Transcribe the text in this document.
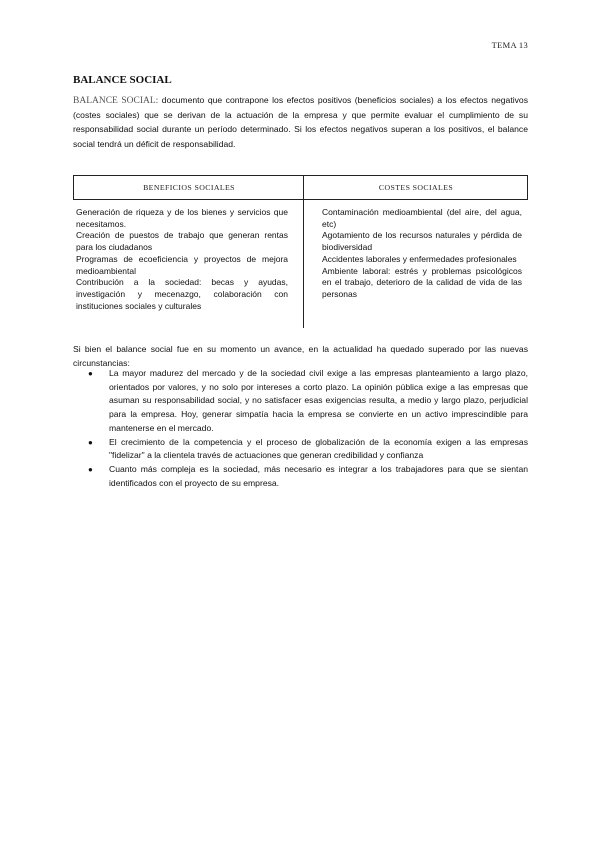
TEMA 13
BALANCE SOCIAL

BALANCE SOCIAL: documento que contrapone los efectos positivos (beneficios sociales) a los efectos negativos (costes sociales) que se derivan de la actuación de la empresa y que permite evaluar el cumplimiento de su responsabilidad social durante un período determinado. Si los efectos negativos superan a los positivos, el balance social tendrá un déficit de responsabilidad.

BENEFICIOS SOCIALES	COSTES SOCIALES
Generación de riqueza y de los bienes y servicios que necesitamos.
Creación de puestos de trabajo que generan rentas para los ciudadanos
Programas de ecoeficiencia y proyectos de mejora medioambiental
Contribución a la sociedad: becas y ayudas, investigación y mecenazgo, colaboración con instituciones sociales y culturales
Contaminación medioambiental (del aire, del agua, etc)
Agotamiento de los recursos naturales y pérdida de biodiversidad
Accidentes laborales y enfermedades profesionales
Ambiente laboral: estrés y problemas psicológicos en el trabajo, deterioro de la calidad de vida de las personas

Si bien el balance social fue en su momento un avance, en la actualidad ha quedado superado por las nuevas circunstancias:

● La mayor madurez del mercado y de la sociedad civil exige a las empresas planteamiento a largo plazo, orientados por valores, y no solo por intereses a corto plazo. La opinión pública exige a las empresas que asuman su responsabilidad social, y no satisfacer esas exigencias resulta, a medio y largo plazo, perjudicial para la empresa. Hoy, generar simpatía hacia la empresa se convierte en un activo imprescindible para mantenerse en el mercado.
● El crecimiento de la competencia y el proceso de globalización de la economía exigen a las empresas "fidelizar" a la clientela través de actuaciones que generan credibilidad y confianza
● Cuanto más compleja es la sociedad, más necesario es integrar a los trabajadores para que se sientan identificados con el proyecto de su empresa.
